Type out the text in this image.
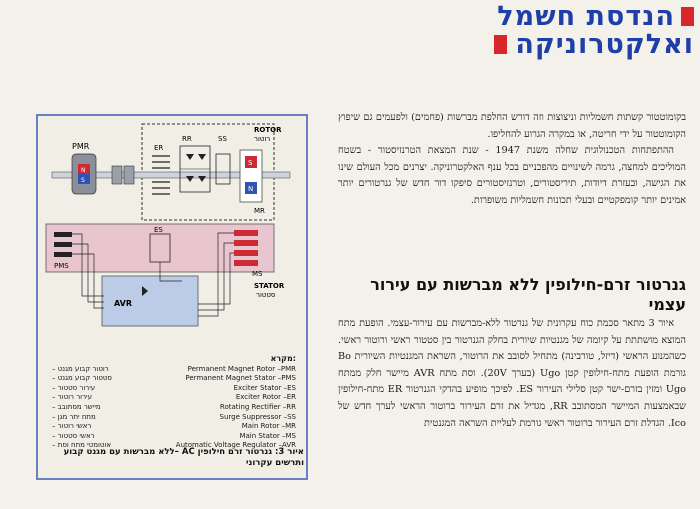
הנדסת חשמל
ואלקטרוניקה
N
S
PMR	ER
RR	SS
S
N
MR
ROTOR
רוטור
PMS
ES
MS
AVR
STATOR
סטטור
מקרא:
רוטור קבוע מגנט –	Permanent Magnet Rotor –PMR
סטטור קבוע מגנט –	Permanent Magnet Stator –PMS
עירור סטטור –	Exciter Stator –ES
עירור רוטור –	Exciter Rotor –ER
מיישר מסתובב –	Rotating Rectifier –RR
מתח יתר מגן –	Surge Suppressor –SS
ראשי רוטור –	Main Rotor –MR
ראשי סטטור –	Main Stator –MS
אוטומטי מתח וסת –	Automatic Voltage Regulator –AVR
איור 3: גנרטור זרם חילופין AC –ללא מברשות עם מגנט קבוע ותרשים עקרוני

בקומוטטור קשתות חשמליות וניצוצות וזה דורש החלפת מברשות (פחמים) ולפעמים גם שיפוץ הקומוטטור על ידי חריטה, או במקרה הגרוע להחליפו.

ההתפתחות הטכנולוגית שחלה משנת 1947 - שנת המצאת הטרנזיסטור - בשטח המוליכים למחצה, גרמה לשינויים מהפכניים בכל ענף האלקטרוניקה. יצרנים מכל העולם שינו את הגישה, ובעזרת דיודות, תיריסטורים, וטרנזיסטורים סיפקו דור חדש של גנרטורים יותר אמינים יותר קומפקטיים ובעלי תכונות חשמליות משופרות.

גנרטור זרם-חילופין ללא מברשות עם עירור עצמי

איור 3 מתאר סכמת כוח עקרונית של גנרטור ללא-מברשות עם עירור-עצמי. הופעת מתח המוצא מושתתת על קיומה של מגנטיות שיורית בחלק הגנרטור בין סטטור ראשי ורוטור ראשי. כשהמנוע הראשי (דיזל, טורבינה) מתחיל לסובב את הרוטור, השראת המגנטיות השיורית Bo גורמת הופעת מתח-חילופין קטן Ugo (בערך 20V). וסת מתח AVR מיישר חלק ממתח Ugo ומזין בזרם-ישר קטן סלילי העירור ES. לפיכך מופיע בהדקי הגנרטור ER מתח-חילופין שבאמצעות המיישר המסתובב RR, מגדיל את זרם העירור ברוטור הראשי לערך חדש של Ico. הגדלת זרם העירור ברוטור ראשי גורמת לעליית השראה המגנטית
